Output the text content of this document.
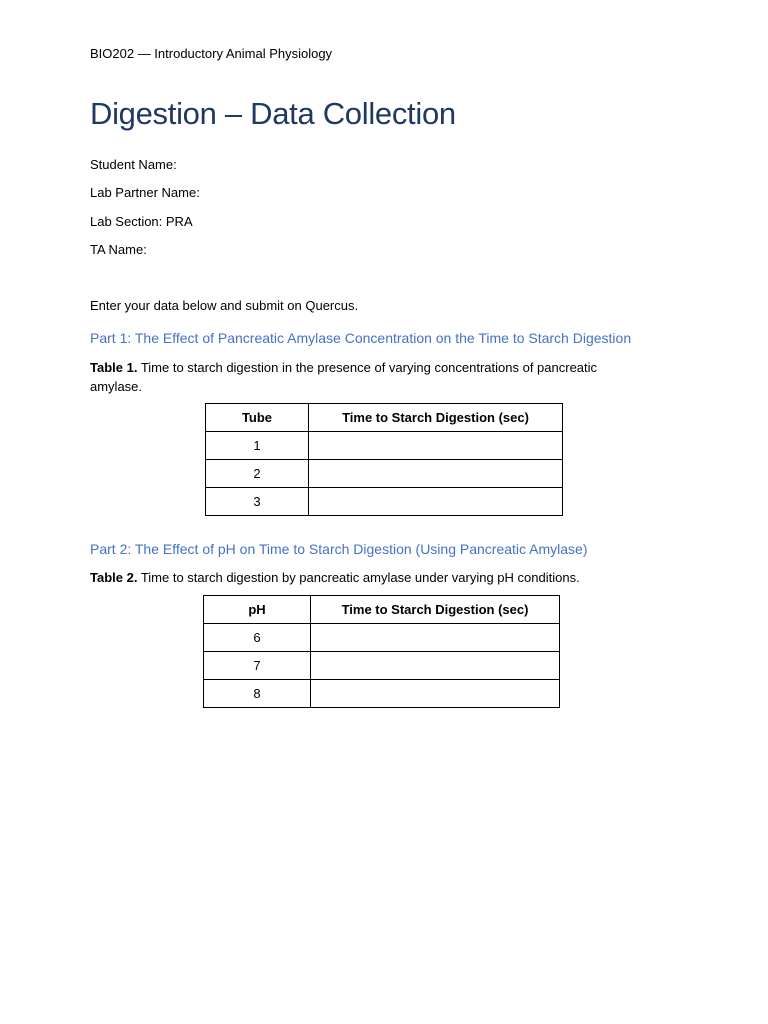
BIO202 — Introductory Animal Physiology
Digestion – Data Collection
Student Name:
Lab Partner Name:
Lab Section: PRA
TA Name:
Enter your data below and submit on Quercus.
Part 1: The Effect of Pancreatic Amylase Concentration on the Time to Starch Digestion
Table 1. Time to starch digestion in the presence of varying concentrations of pancreatic amylase.
Part 2: The Effect of pH on Time to Starch Digestion (Using Pancreatic Amylase)
Table 2. Time to starch digestion by pancreatic amylase under varying pH conditions.
Tube	Time to Starch Digestion (sec)
1	
2	
3	
pH	Time to Starch Digestion (sec)
6	
7	
8	
